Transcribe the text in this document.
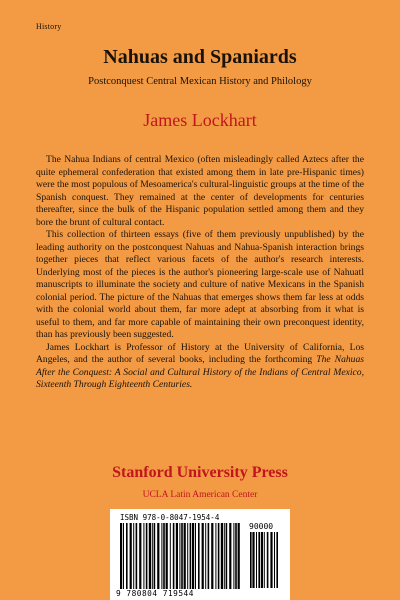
History
Nahuas and Spaniards

Postconquest Central Mexican History and Philology

James Lockhart

The Nahua Indians of central Mexico (often misleadingly called Aztecs after the quite ephemeral confederation that existed among them in late pre-Hispanic times) were the most populous of Mesoamerica's cultural-linguistic groups at the time of the Spanish conquest. They remained at the center of developments for centuries thereafter, since the bulk of the Hispanic population settled among them and they bore the brunt of cultural contact.

This collection of thirteen essays (five of them previously unpublished) by the leading authority on the postconquest Nahuas and Nahua-Spanish interaction brings together pieces that reflect various facets of the author's research interests. Underlying most of the pieces is the author's pioneering large-scale use of Nahuatl manuscripts to illuminate the society and culture of native Mexicans in the Spanish colonial period. The picture of the Nahuas that emerges shows them far less at odds with the colonial world about them, far more adept at absorbing from it what is useful to them, and far more capable of maintaining their own preconquest identity, than has previously been suggested.

James Lockhart is Professor of History at the University of California, Los Angeles, and the author of several books, including the forthcoming The Nahuas After the Conquest: A Social and Cultural History of the Indians of Central Mexico, Sixteenth Through Eighteenth Centuries.

Stanford University Press

UCLA Latin American Center

ISBN 978-0-8047-1954-4
90000
9 780804 719544
